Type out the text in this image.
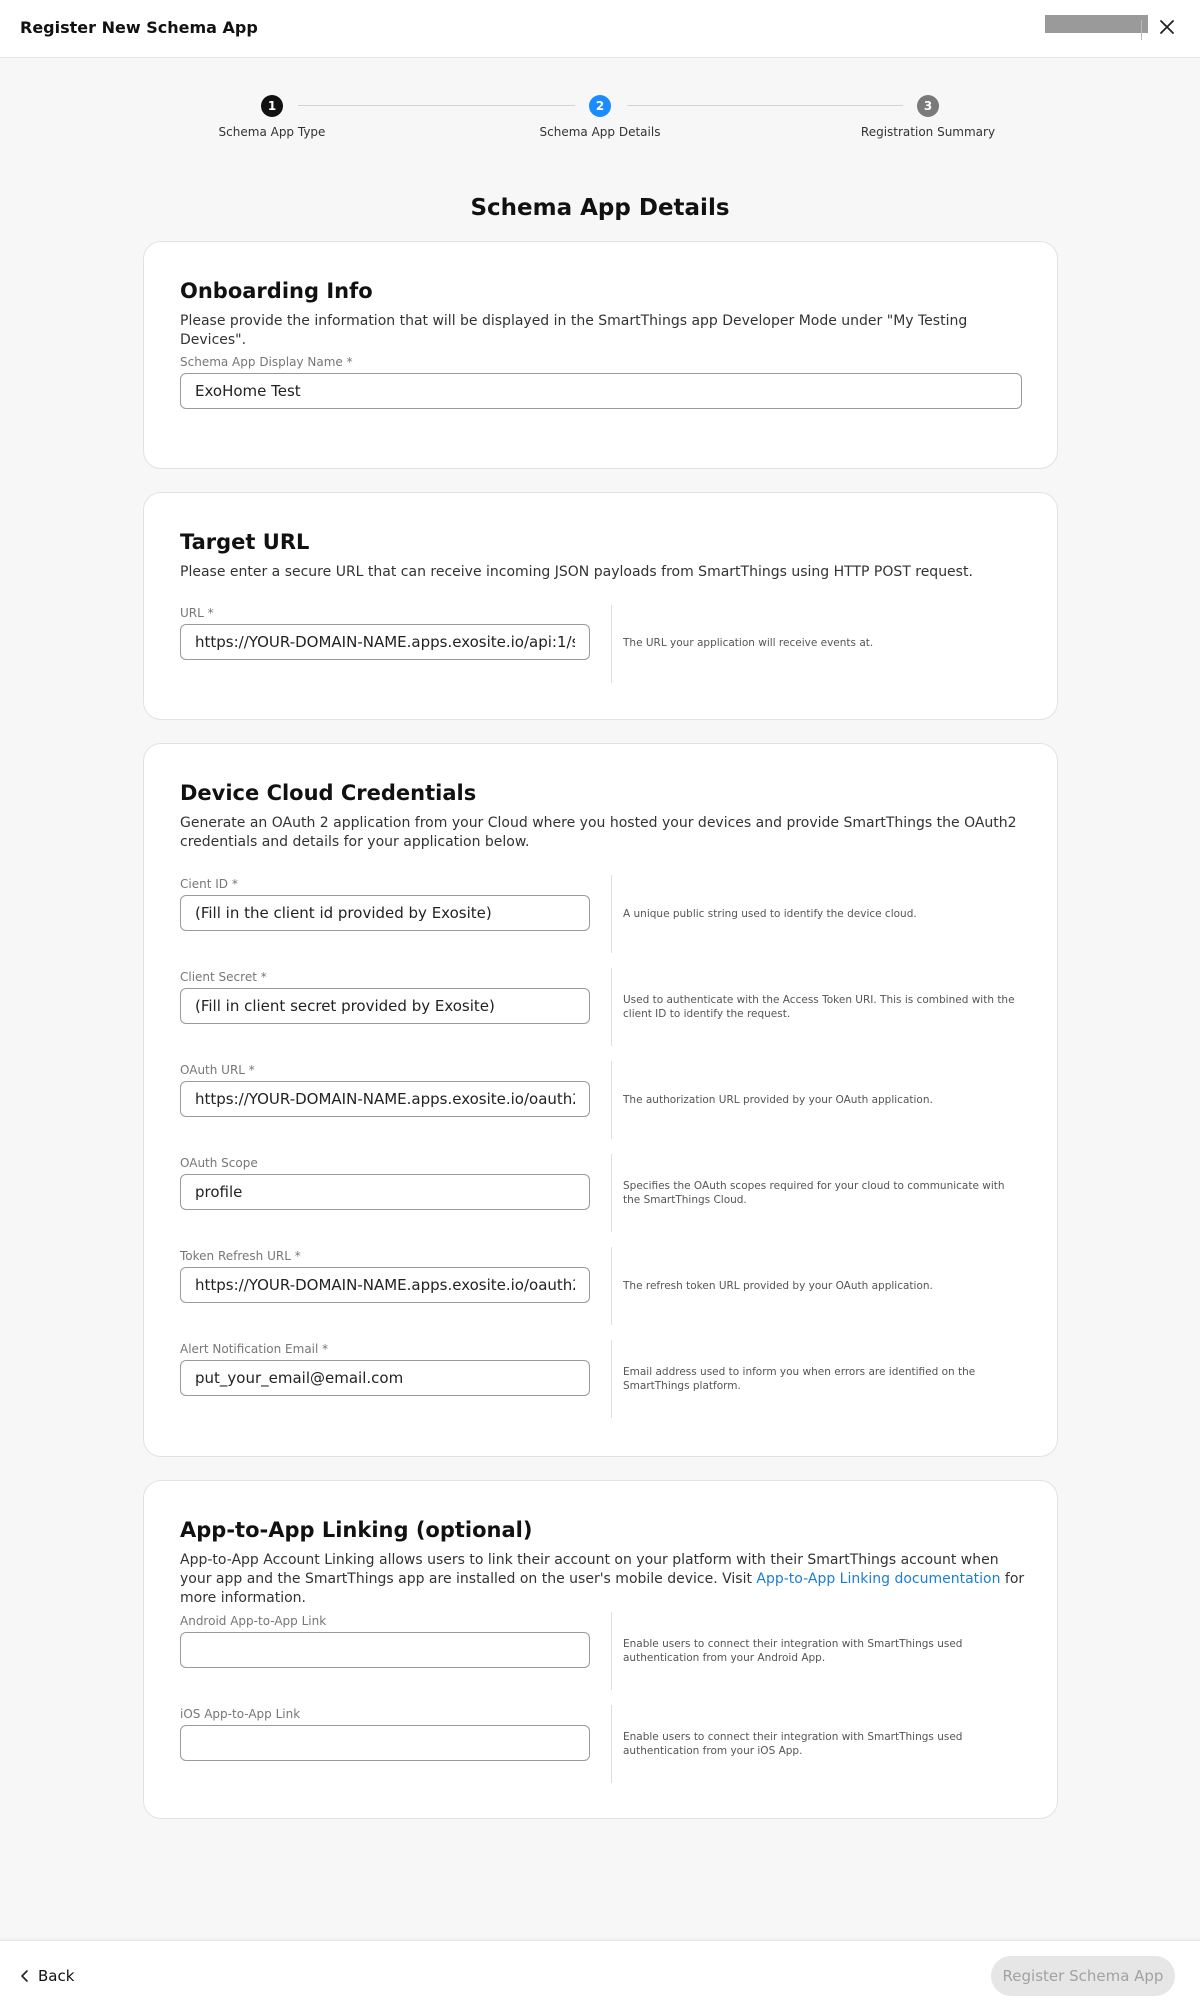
Register New Schema App
1
Schema App Type
2
Schema App Details
3
Registration Summary
Schema App Details
Onboarding Info
Please provide the information that will be displayed in the SmartThings app Developer Mode under "My Testing Devices".
Schema App Display Name *
ExoHome Test
Target URL
Please enter a secure URL that can receive incoming JSON payloads from SmartThings using HTTP POST request.
URL *
https://YOUR-DOMAIN-NAME.apps.exosite.io/api:1/s
The URL your application will receive events at.
Device Cloud Credentials
Generate an OAuth 2 application from your Cloud where you hosted your devices and provide SmartThings the OAuth2 credentials and details for your application below.
Cient ID *
(Fill in the client id provided by Exosite)
A unique public string used to identify the device cloud.
Client Secret *
(Fill in client secret provided by Exosite)
Used to authenticate with the Access Token URI. This is combined with the client ID to identify the request.
OAuth URL *
https://YOUR-DOMAIN-NAME.apps.exosite.io/oauth2
The authorization URL provided by your OAuth application.
OAuth Scope
profile
Specifies the OAuth scopes required for your cloud to communicate with the SmartThings Cloud.
Token Refresh URL *
https://YOUR-DOMAIN-NAME.apps.exosite.io/oauth2
The refresh token URL provided by your OAuth application.
Alert Notification Email *
put_your_email@email.com
Email address used to inform you when errors are identified on the SmartThings platform.
App-to-App Linking (optional)
App-to-App Account Linking allows users to link their account on your platform with their SmartThings account when your app and the SmartThings app are installed on the user's mobile device. Visit App-to-App Linking documentation for more information.
Android App-to-App Link
Enable users to connect their integration with SmartThings used authentication from your Android App.
iOS App-to-App Link
Enable users to connect their integration with SmartThings used authentication from your iOS App.
Back	Register Schema App
